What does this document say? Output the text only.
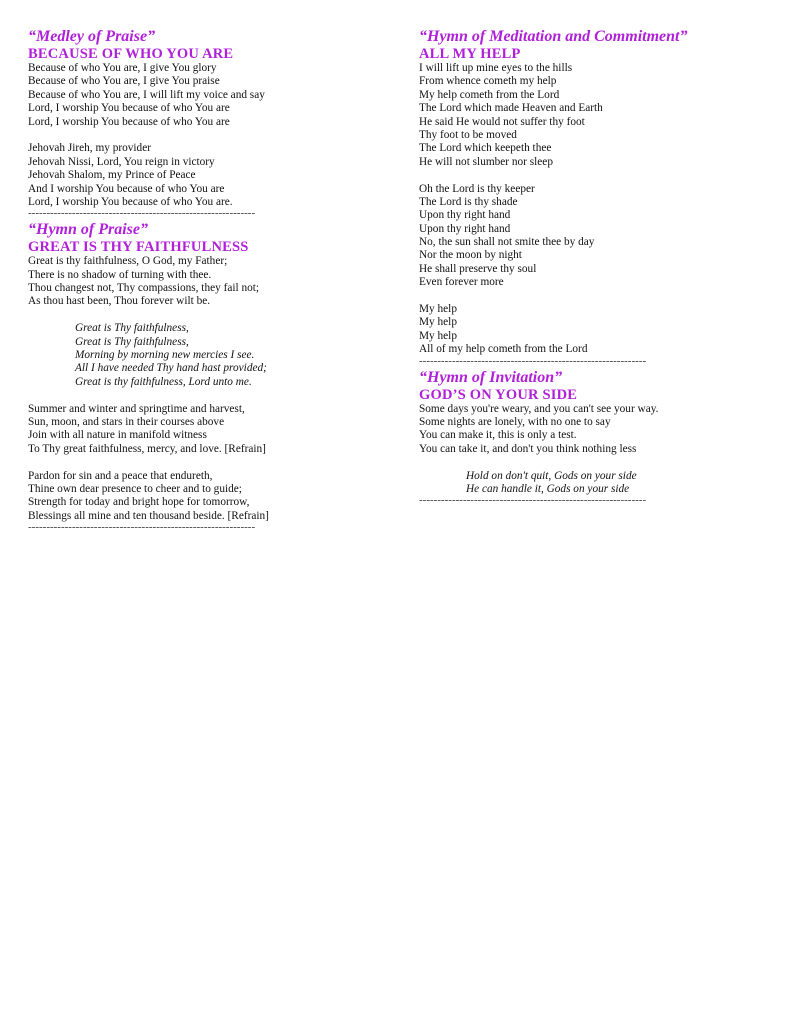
“Medley of Praise”

BECAUSE OF WHO YOU ARE

Because of who You are, I give You glory
Because of who You are, I give You praise
Because of who You are, I will lift my voice and say
Lord, I worship You because of who You are
Lord, I worship You because of who You are
Jehovah Jireh, my provider
Jehovah Nissi, Lord, You reign in victory
Jehovah Shalom, my Prince of Peace
And I worship You because of who You are
Lord, I worship You because of who You are.
--------------------------------------------------------------

“Hymn of Praise”

GREAT IS THY FAITHFULNESS

Great is thy faithfulness, O God, my Father;
There is no shadow of turning with thee.
Thou changest not, Thy compassions, they fail not;
As thou hast been, Thou forever wilt be.
Great is Thy faithfulness,
Great is Thy faithfulness,
Morning by morning new mercies I see.
All I have needed Thy hand hast provided;
Great is thy faithfulness, Lord unto me.
Summer and winter and springtime and harvest,
Sun, moon, and stars in their courses above
Join with all nature in manifold witness
To Thy great faithfulness, mercy, and love. [Refrain]
Pardon for sin and a peace that endureth,
Thine own dear presence to cheer and to guide;
Strength for today and bright hope for tomorrow,
Blessings all mine and ten thousand beside. [Refrain]
--------------------------------------------------------------

“Hymn of Meditation and Commitment”

ALL MY HELP

I will lift up mine eyes to the hills
From whence cometh my help
My help cometh from the Lord
The Lord which made Heaven and Earth
He said He would not suffer thy foot
Thy foot to be moved
The Lord which keepeth thee
He will not slumber nor sleep
Oh the Lord is thy keeper
The Lord is thy shade
Upon thy right hand
Upon thy right hand
No, the sun shall not smite thee by day
Nor the moon by night
He shall preserve thy soul
Even forever more
My help
My help
My help
All of my help cometh from the Lord
--------------------------------------------------------------

“Hymn of Invitation”

GOD’S ON YOUR SIDE

Some days you're weary, and you can't see your way.
Some nights are lonely, with no one to say
You can make it, this is only a test.
You can take it, and don't you think nothing less
Hold on don't quit, Gods on your side
He can handle it, Gods on your side
--------------------------------------------------------------
